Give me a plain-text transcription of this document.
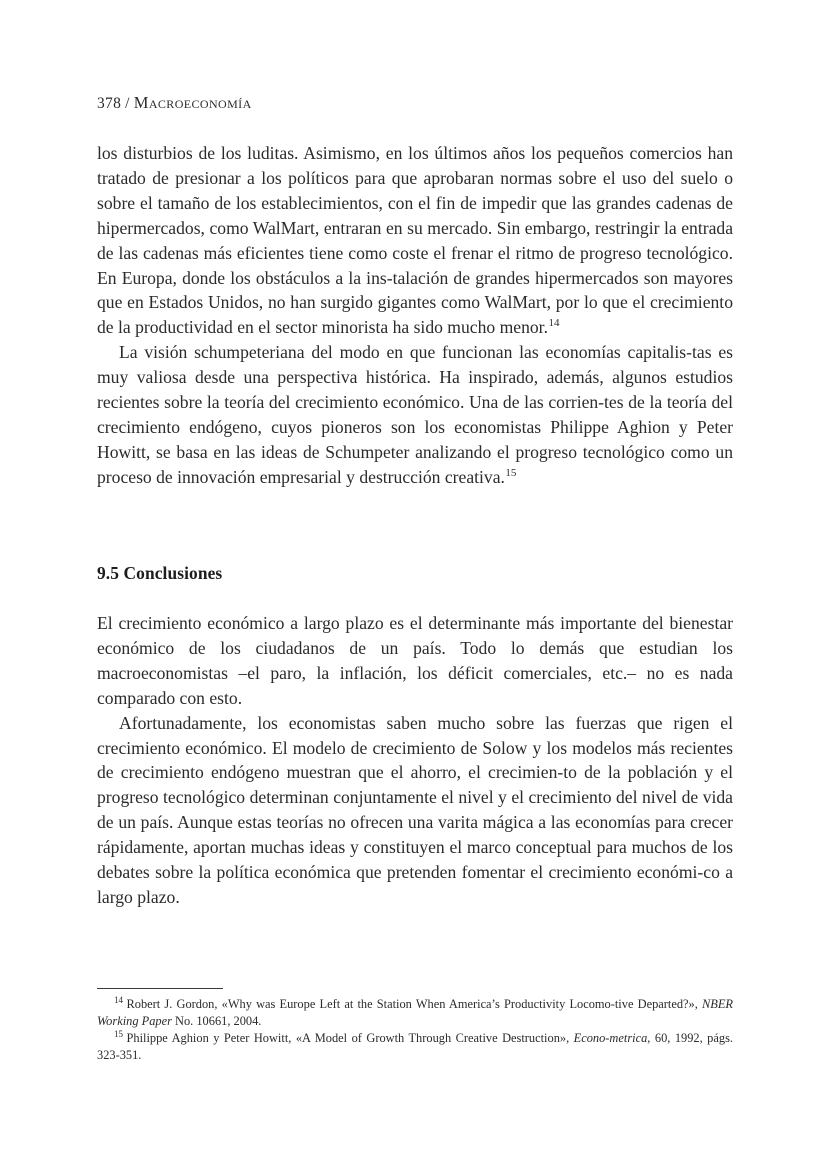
378 / Macroeconomía

los disturbios de los luditas. Asimismo, en los últimos años los pequeños comercios han tratado de presionar a los políticos para que aprobaran normas sobre el uso del suelo o sobre el tamaño de los establecimientos, con el fin de impedir que las grandes cadenas de hipermercados, como WalMart, entraran en su mercado. Sin embargo, restringir la entrada de las cadenas más eficientes tiene como coste el frenar el ritmo de progreso tecnológico. En Europa, donde los obstáculos a la ins-​talación de grandes hipermercados son mayores que en Estados Unidos, no han surgido gigantes como WalMart, por lo que el crecimiento de la productividad en el sector minorista ha sido mucho menor.$^{14}$

La visión schumpeteriana del modo en que funcionan las economías capitalis-​tas es muy valiosa desde una perspectiva histórica. Ha inspirado, además, algunos estudios recientes sobre la teoría del crecimiento económico. Una de las corrien-​tes de la teoría del crecimiento endógeno, cuyos pioneros son los economistas Philippe Aghion y Peter Howitt, se basa en las ideas de Schumpeter analizando el progreso tecnológico como un proceso de innovación empresarial y destrucción creativa.$^{15}$

9.5 Conclusiones

El crecimiento económico a largo plazo es el determinante más importante del bienestar económico de los ciudadanos de un país. Todo lo demás que estudian los macroeconomistas –el paro, la inflación, los déficit comerciales, etc.– no es nada comparado con esto.

Afortunadamente, los economistas saben mucho sobre las fuerzas que rigen el crecimiento económico. El modelo de crecimiento de Solow y los modelos más recientes de crecimiento endógeno muestran que el ahorro, el crecimien-​to de la población y el progreso tecnológico determinan conjuntamente el nivel y el crecimiento del nivel de vida de un país. Aunque estas teorías no ofrecen una varita mágica a las economías para crecer rápidamente, aportan muchas ideas y constituyen el marco conceptual para muchos de los debates sobre la política económica que pretenden fomentar el crecimiento económi-​co a largo plazo.

$^{14}$ Robert J. Gordon, «Why was Europe Left at the Station When America’s Productivity Locomo-​tive Departed?», NBER Working Paper No. 10661, 2004.

$^{15}$ Philippe Aghion y Peter Howitt, «A Model of Growth Through Creative Destruction», Econo-​metrica, 60, 1992, págs. 323-351.
